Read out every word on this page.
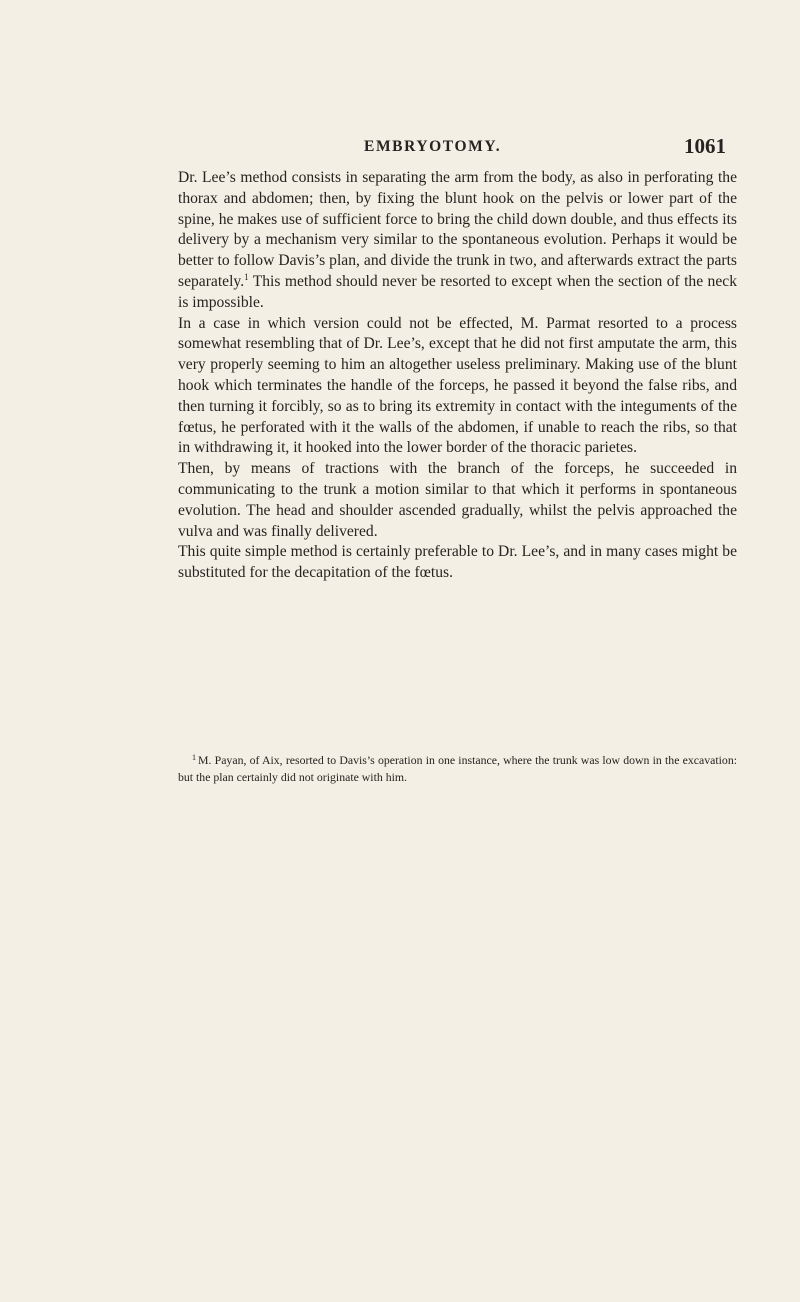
EMBRYOTOMY.	1061

Dr. Lee’s method consists in separating the arm from the body, as also in perforating the thorax and abdomen; then, by fixing the blunt hook on the pelvis or lower part of the spine, he makes use of sufficient force to bring the child down double, and thus effects its delivery by a mechanism very similar to the spontaneous evolution. Perhaps it would be better to follow Davis’s plan, and divide the trunk in two, and afterwards extract the parts separately.$^1$ This method should never be resorted to except when the section of the neck is impossible.

In a case in which version could not be effected, M. Parmat resorted to a process somewhat resembling that of Dr. Lee’s, except that he did not first amputate the arm, this very properly seeming to him an altogether useless preliminary. Making use of the blunt hook which terminates the handle of the forceps, he passed it beyond the false ribs, and then turning it forcibly, so as to bring its extremity in contact with the integuments of the fœtus, he perforated with it the walls of the abdomen, if unable to reach the ribs, so that in withdrawing it, it hooked into the lower border of the thoracic parietes.

Then, by means of tractions with the branch of the forceps, he succeeded in communicating to the trunk a motion similar to that which it performs in spontaneous evolution. The head and shoulder ascended gradually, whilst the pelvis approached the vulva and was finally delivered.

This quite simple method is certainly preferable to Dr. Lee’s, and in many cases might be substituted for the decapitation of the fœtus.

$^1$ M. Payan, of Aix, resorted to Davis’s operation in one instance, where the trunk was low down in the excavation: but the plan certainly did not originate with him.
